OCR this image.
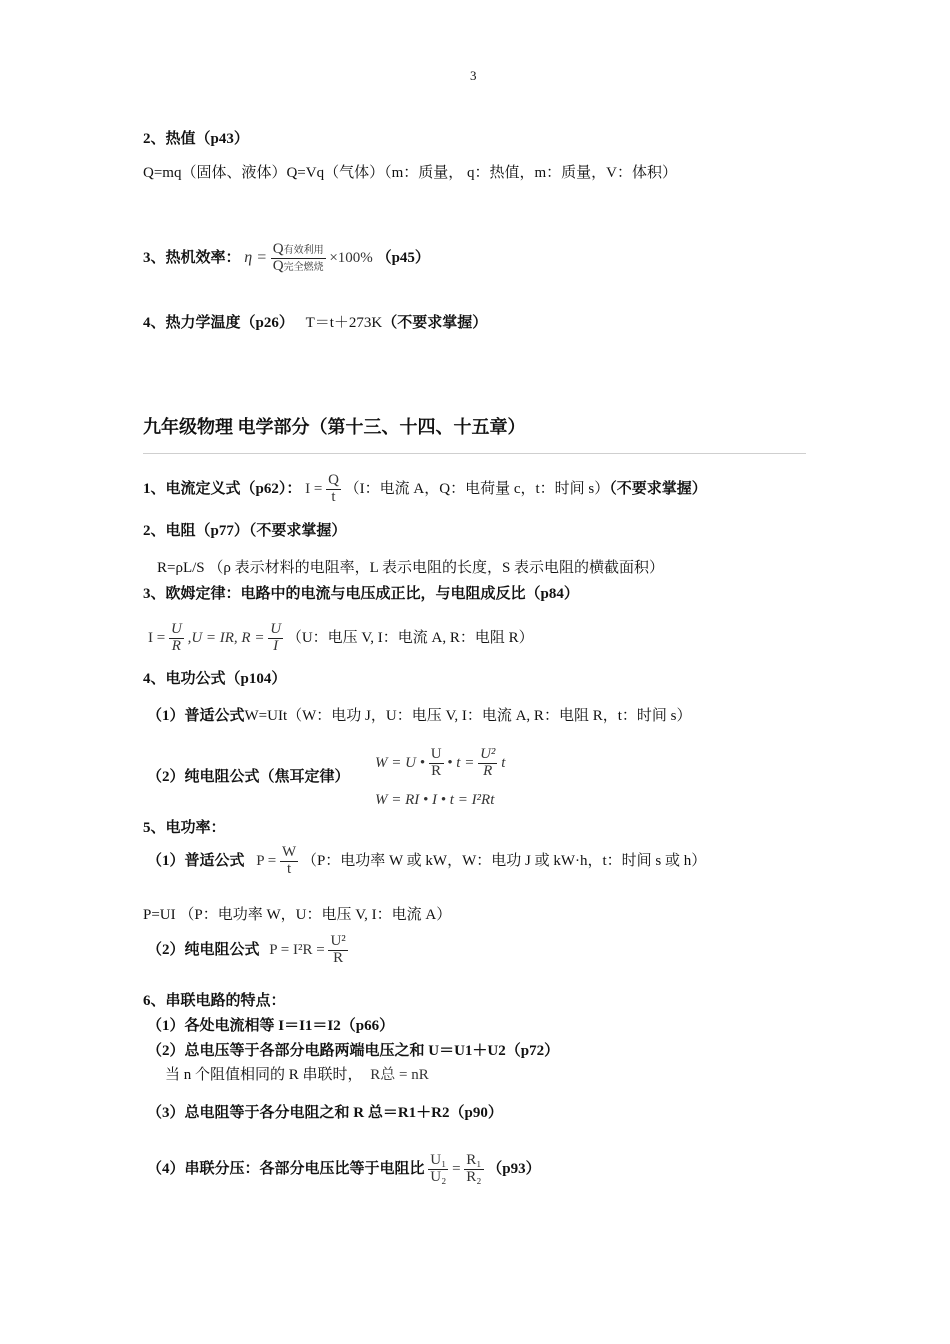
3
2、热值（p43）
Q=mq（固体、液体）Q=Vq（气体）（m：质量， q：热值，m：质量，V：体积）
3、热机效率： $\eta = \frac{\text{Q有效利用}}{\text{Q完全燃烧}} \times 100\%$ （p45）
4、热力学温度（p26） T＝t＋273K（不要求掌握）
九年级物理 电学部分（第十三、十四、十五章）
1、电流定义式（p62）： $I = \frac{Q}{t} (I$：电流 A，Q：电荷量 c，t：时间 s）（不要求掌握）
2、电阻（p77）（不要求掌握）
R=ρL/S （ρ 表示材料的电阻率，L 表示电阻的长度，S 表示电阻的横截面积）
3、欧姆定律：电路中的电流与电压成正比，与电阻成反比（p84）
$I = \frac{U}{R} ,U$ = IR, $R = \frac{U}{I} (U$：电压 V, I：电流 A, R：电阻 R）
4、电功公式（p104）
（1）普适公式W=UIt（W：电功 J，U：电压 V, I：电流 A, R：电阻 R，t：时间 s）
（2）纯电阻公式（焦耳定律）
W = U • $\frac{U}{R}$ • $t = \frac{\text{U²}}{R}$ t
W = RI • I • t = I²Rt
5、电功率：
（1）普适公式 $P = \frac{W}{t} (P$：电功率 W 或 kW，W：电功 J 或 kW·h，t：时间 s 或 h）
P=UI （P：电功率 W，U：电压 V, I：电流 A）
（2）纯电阻公式 $P = I^2R = \frac{\text{U²}}{R}$
6、串联电路的特点：
（1）各处电流相等 I＝I1＝I2（p66）
（2）总电压等于各部分电路两端电压之和 U＝U1＋U2（p72）
当 n 个阻值相同的 R 串联时， R总 = nR
（3）总电阻等于各分电阻之和 R 总＝R1＋R2（p90）
（4）串联分压：各部分电压比等于电阻比 $\frac{\text{U₁}}{\text{U₂}} = \frac{\text{R₁}}{\text{R₂}} (p93)$
